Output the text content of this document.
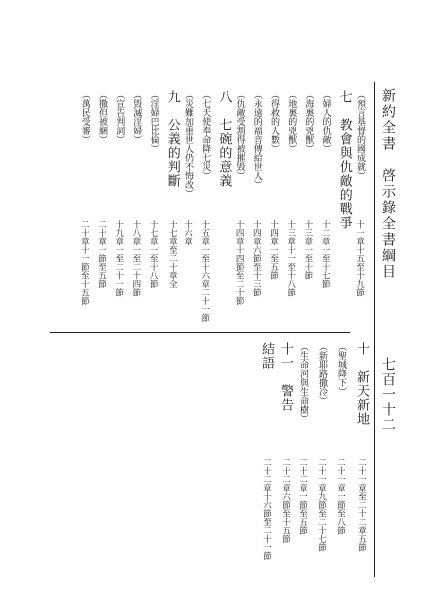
新約全書　啓示錄全書綱目
七百一十二
（預言基督的國成就）
十一章十五至十九節
七　教會與仇敵的戰爭
（婦人的仇敵）
十二章一至十七節
（海裏的兇獸）
十三章一至十節
（地裏的兇獸）
十三章十一至十八節
（得救的人數）
十四章一至五節
（永遠的福音傳給世人）
十四章六節至十三節
（仇敵受割得被摧毀）
十四章十四節至二十節
八　七碗的意義
（七天使奉命降七災）
十五章一至十六章二十一節
（災難加重世人仍不悔改）
十六章
九　公義的判斷
十七章至二十章全
（淫婦巴比倫）
十七章一至十八節
（毀滅淫婦）
十八章一至二十四節
（宣告判詞）
十九章一至二十一節
（撒但被綑）
二十章一節至五節
（萬民受審）
二十章十一節至十五節
十　新天新地
二十一章至二十二章五節
（聖城降下）
二十一章一節至八節
（新耶路撒冷）
二十一章九節至二十七節
（生命河與生命樹）
二十二章一節至五節
十一　警告
二十二章六節至十五節
結語
二十二章十六節至二十一節
